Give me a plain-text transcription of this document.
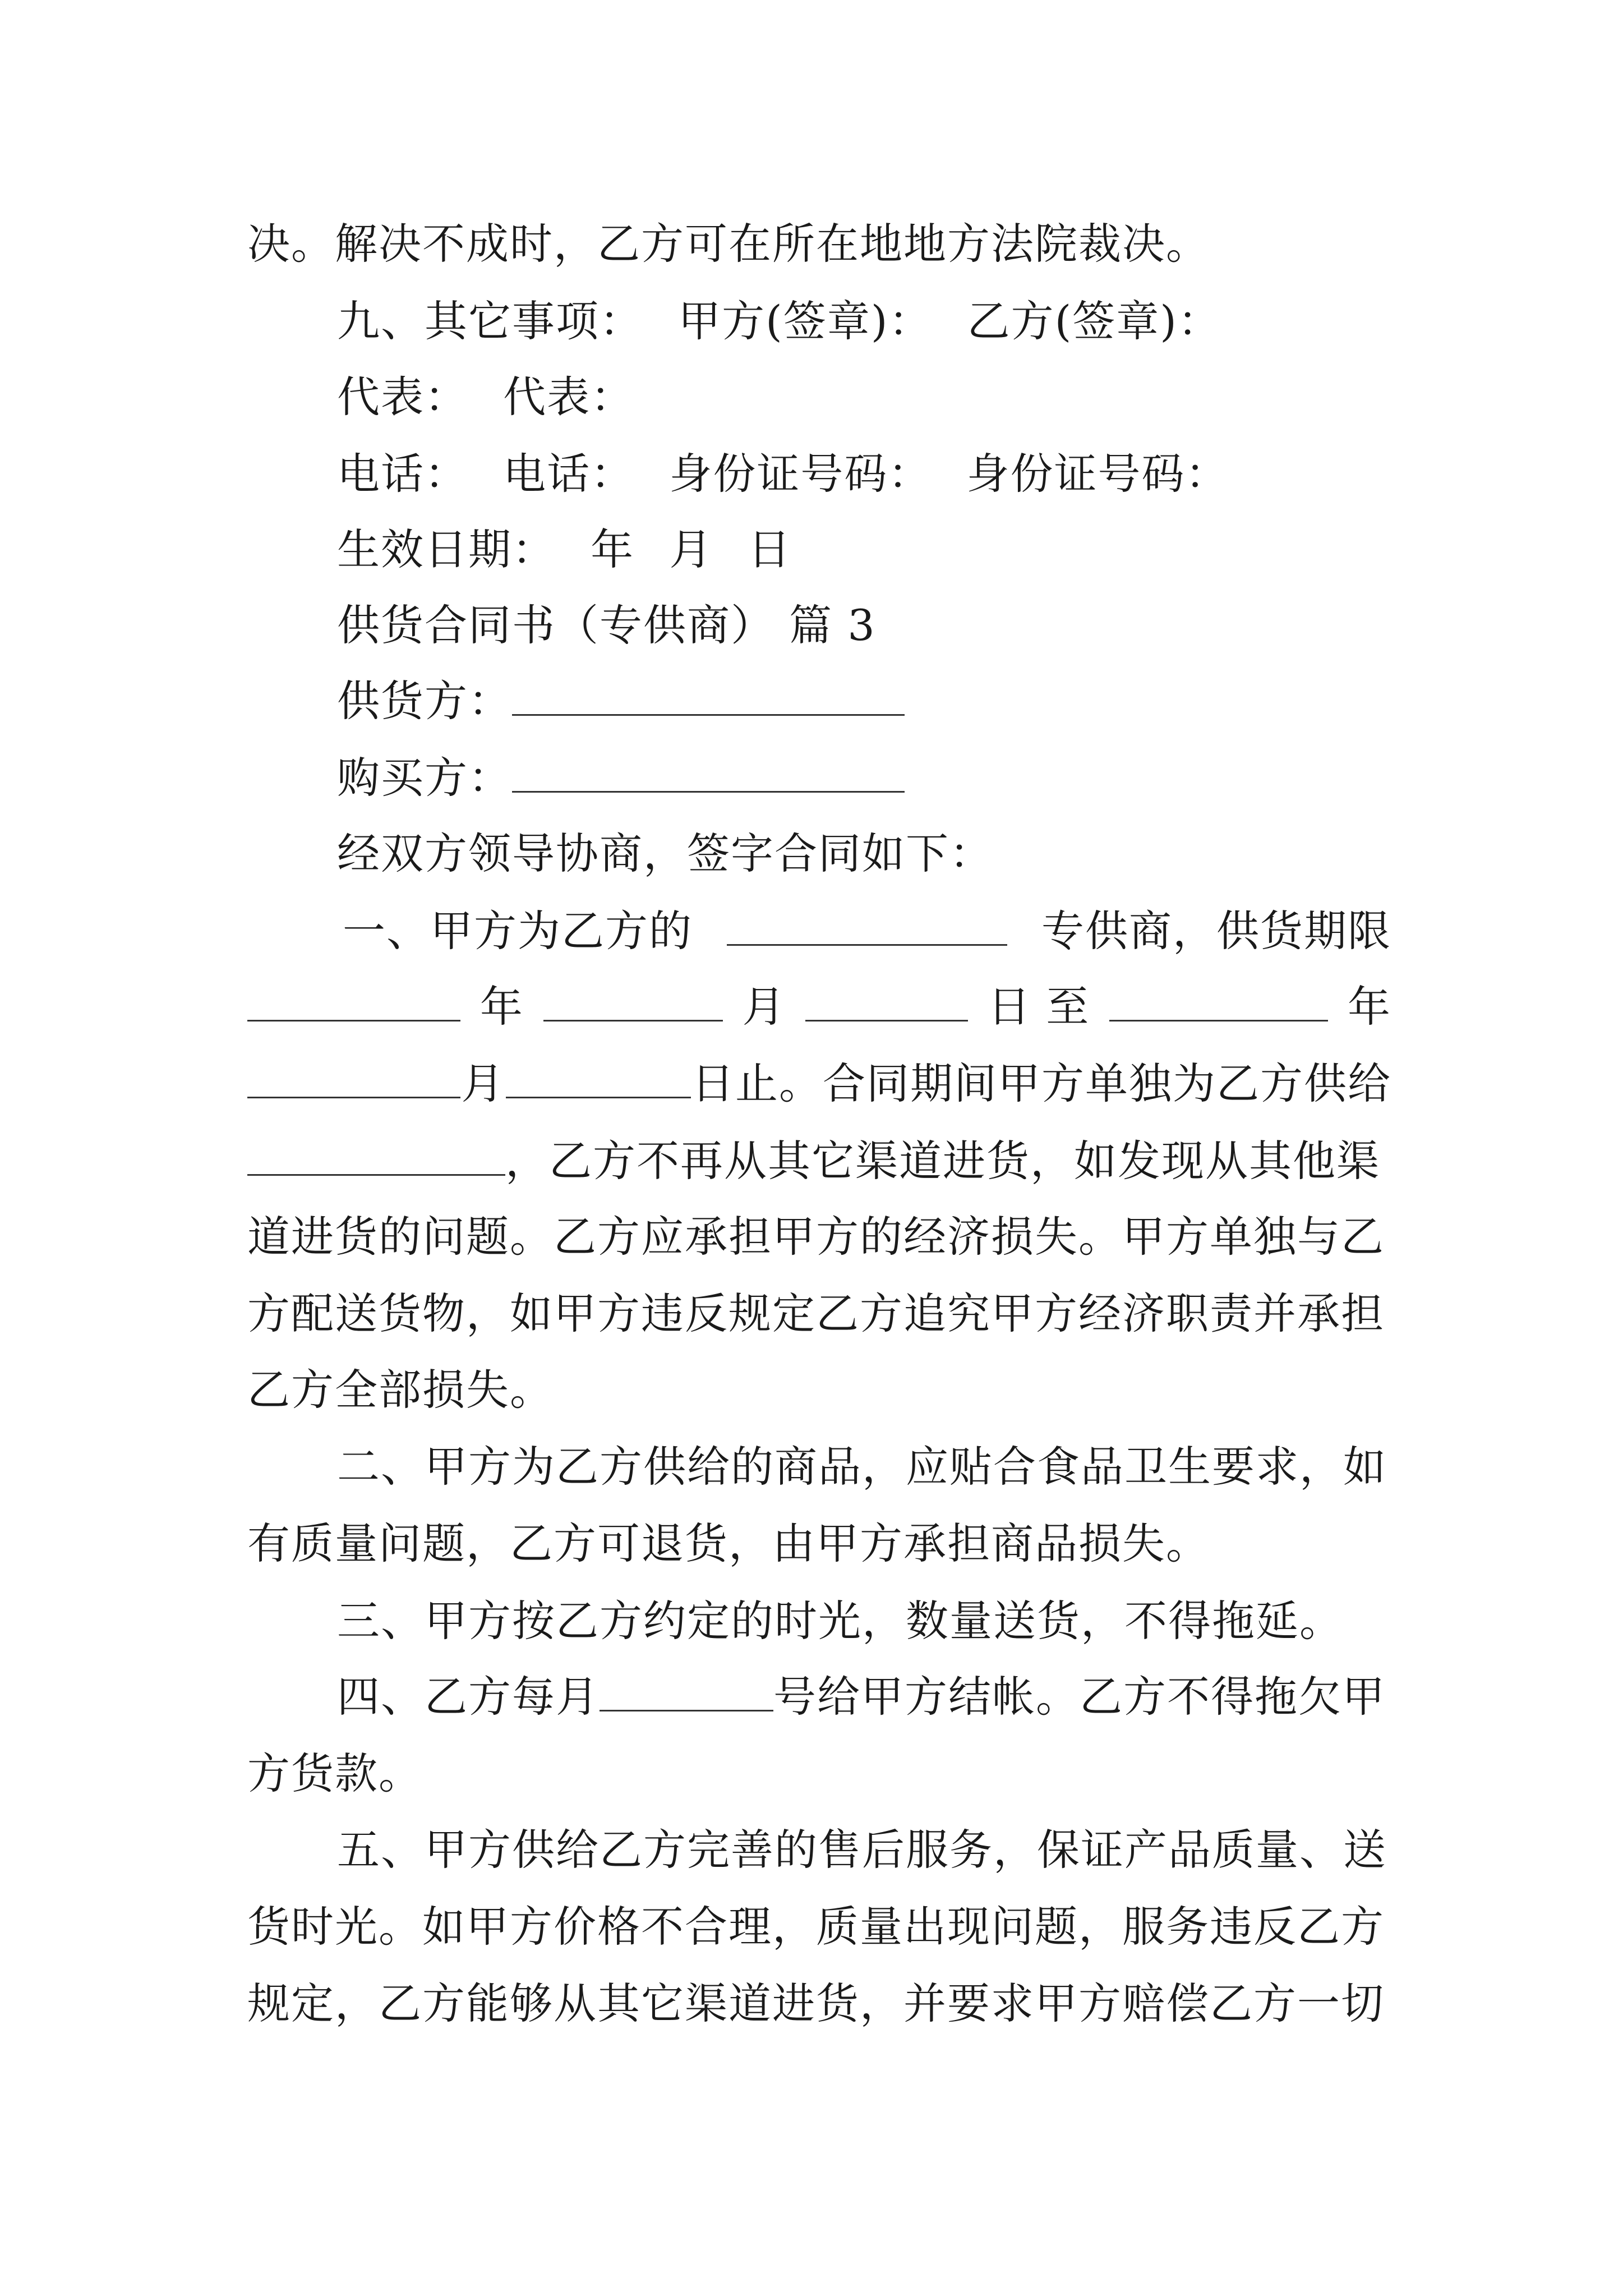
决。解决不成时，乙方可在所在地地方法院裁决。
九、其它事项： 甲方(签章)： 乙方(签章)：
代表： 代表：
电话： 电话： 身份证号码： 身份证号码：
生效日期： 年 月 日
供货合同书（专供商） 篇 3
供货方：
购买方：
经双方领导协商，签字合同如下：
一、甲方为乙方的	专供商，供货期限
年	月	日 至	年
月	日止。合同期间甲方单独为乙方供给
，乙方不再从其它渠道进货，如发现从其他渠
道进货的问题。乙方应承担甲方的经济损失。甲方单独与乙
方配送货物，如甲方违反规定乙方追究甲方经济职责并承担
乙方全部损失。
二、甲方为乙方供给的商品，应贴合食品卫生要求，如
有质量问题，乙方可退货，由甲方承担商品损失。
三、甲方按乙方约定的时光，数量送货，不得拖延。
四、乙方每月	号给甲方结帐。乙方不得拖欠甲
方货款。
五、甲方供给乙方完善的售后服务，保证产品质量、送
货时光。如甲方价格不合理，质量出现问题，服务违反乙方
规定，乙方能够从其它渠道进货，并要求甲方赔偿乙方一切
